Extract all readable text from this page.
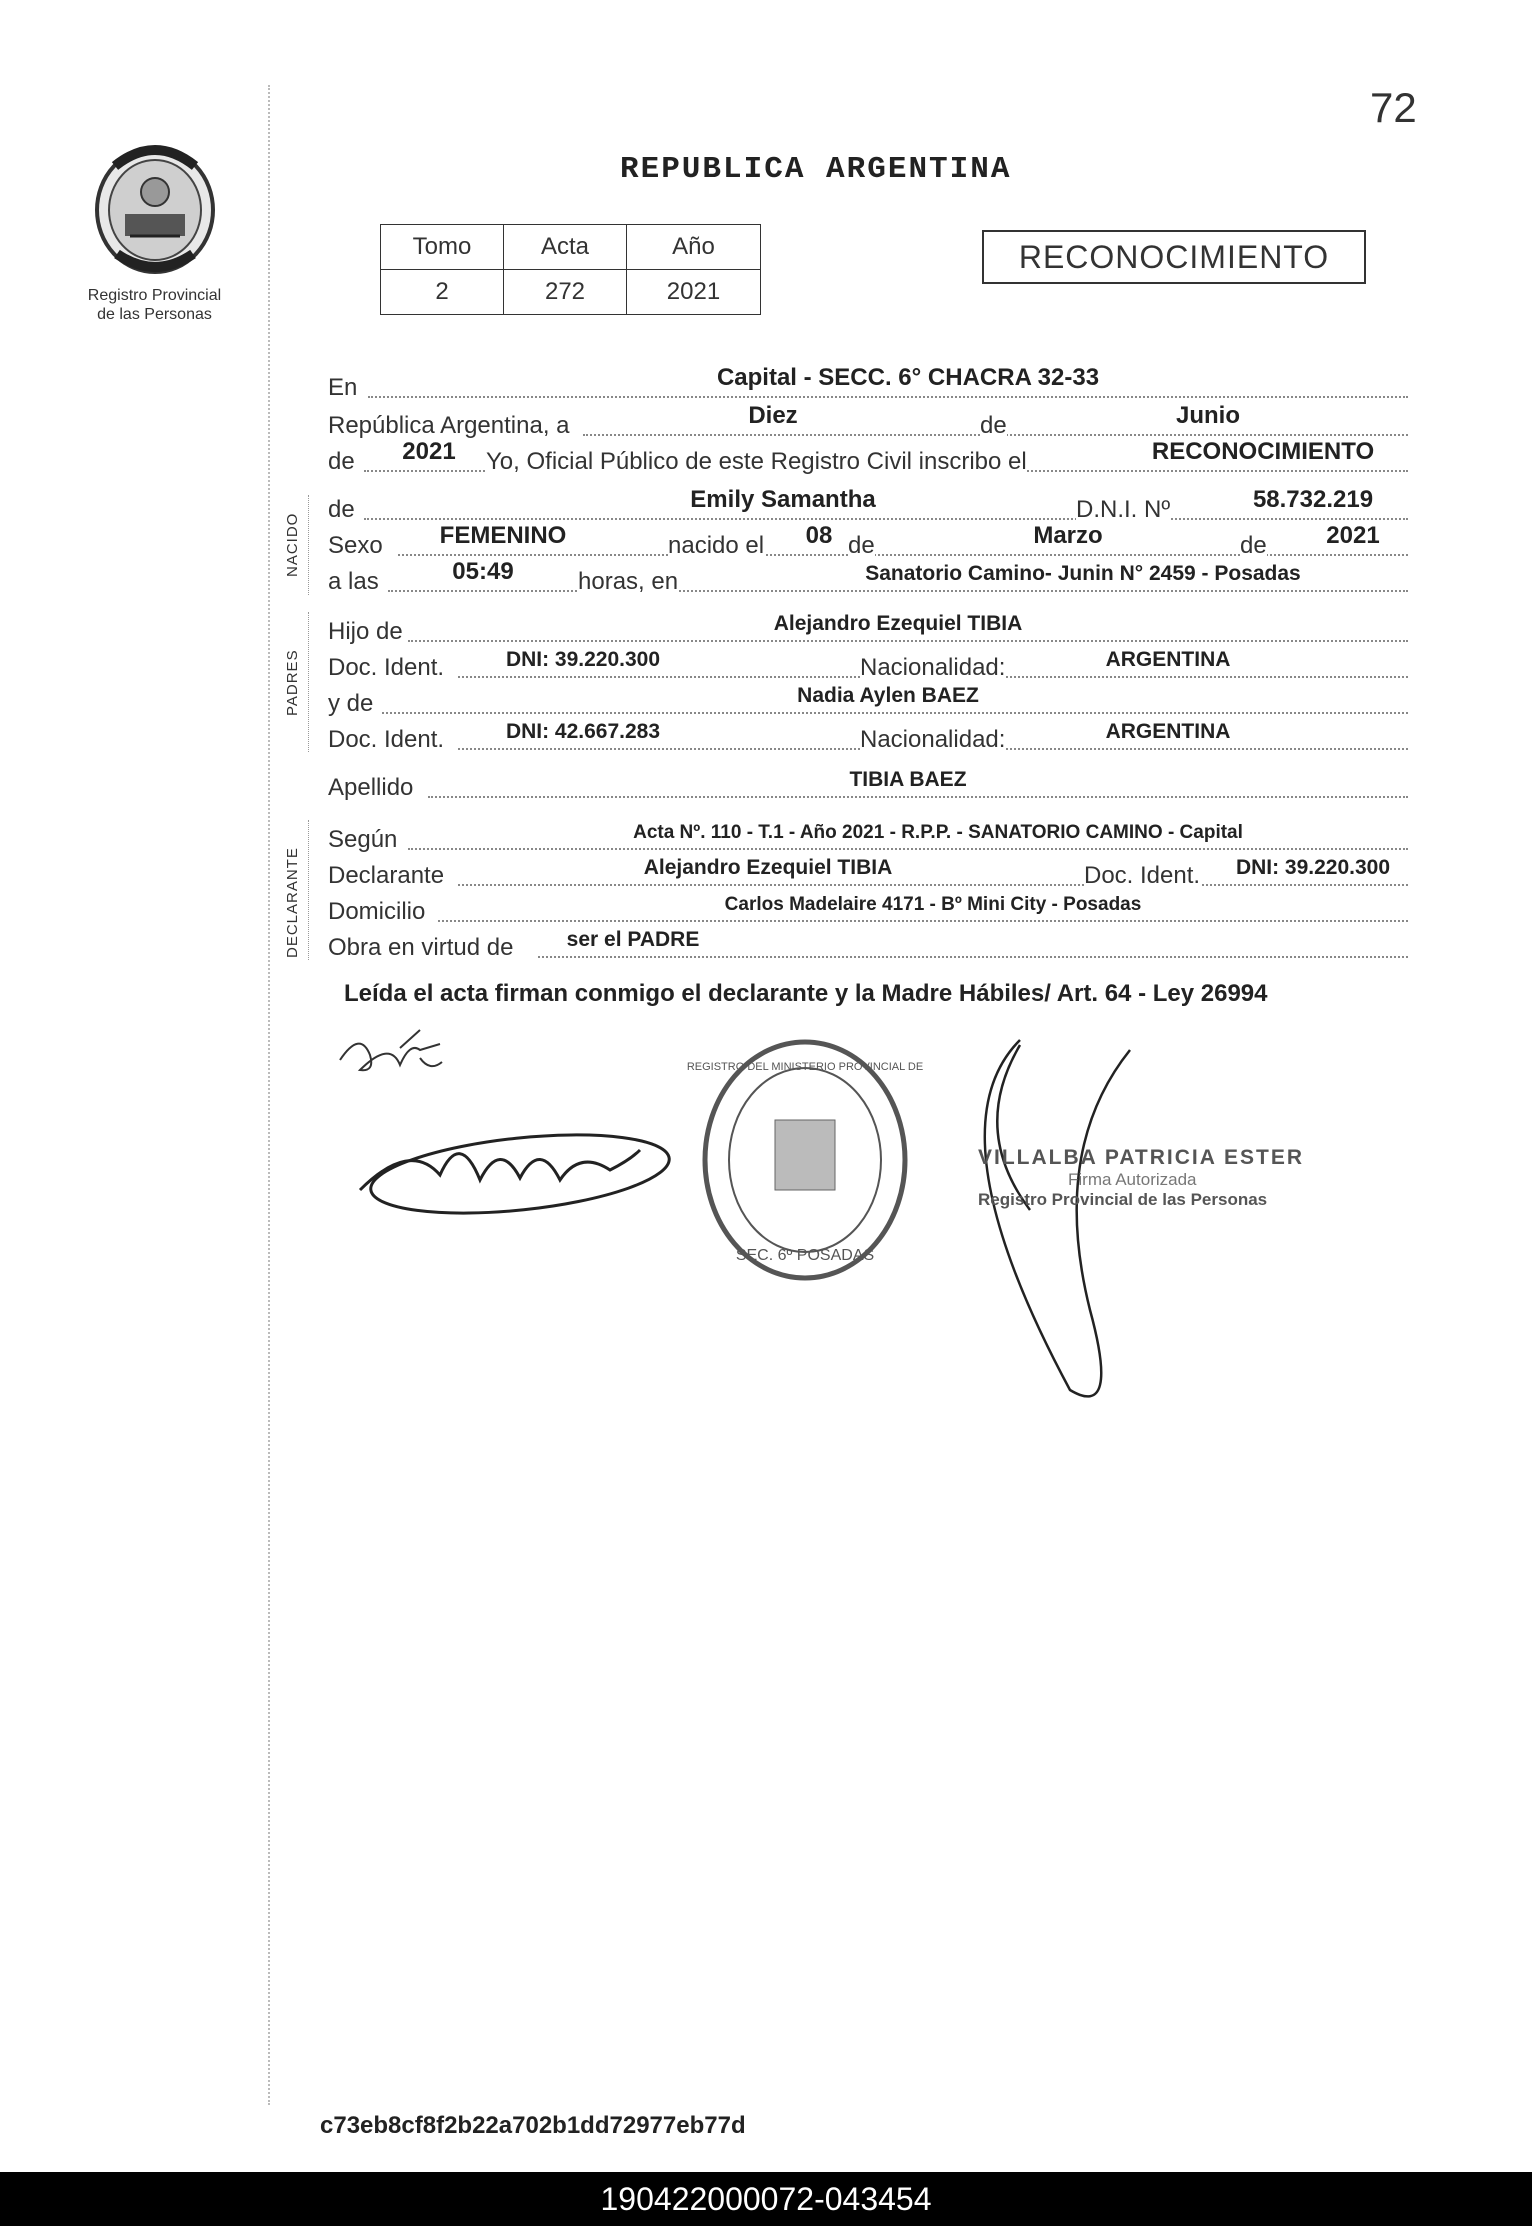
72
Registro Provincial
de las Personas
REPUBLICA ARGENTINA
Tomo	Acta	Año
2	272	2021
RECONOCIMIENTO
En	Capital - SECC. 6° CHACRA 32-33
República Argentina, a	Diez	de	Junio
de	2021	Yo, Oficial Público de este Registro Civil inscribo el	RECONOCIMIENTO
NACIDO
de	Emily Samantha	D.N.I. Nº	58.732.219
Sexo	FEMENINO	nacido el	08 de	Marzo	de	2021
a las	05:49	horas, en	Sanatorio Camino- Junin N° 2459 - Posadas
PADRES
Hijo de	Alejandro Ezequiel TIBIA
Doc. Ident.	DNI: 39.220.300	Nacionalidad:	ARGENTINA
y de	Nadia Aylen BAEZ
Doc. Ident.	DNI: 42.667.283	Nacionalidad:	ARGENTINA
Apellido	TIBIA BAEZ
DECLARANTE
Según	Acta Nº. 110 - T.1 - Año 2021 - R.P.P. - SANATORIO CAMINO - Capital
Declarante	Alejandro Ezequiel TIBIA	Doc. Ident.	DNI: 39.220.300
Domicilio	Carlos Madelaire 4171 - Bº Mini City - Posadas
Obra en virtud de	ser el PADRE
Leída el acta firman conmigo el declarante y la Madre Hábiles/ Art. 64 - Ley 26994
SEC. 6º POSADAS
REGISTRO DEL MINISTERIO PROVINCIAL DE
VILLALBA PATRICIA ESTER
Firma Autorizada
Registro Provincial de las Personas
c73eb8cf8f2b22a702b1dd72977eb77d
190422000072-043454
